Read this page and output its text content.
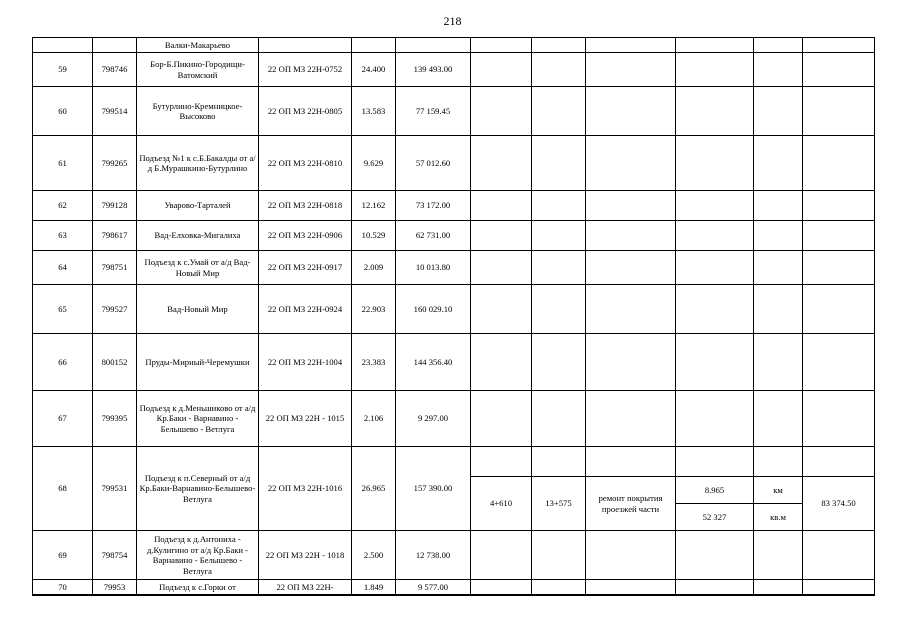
218
		Валки-Макарьево									
59	798746	Бор-Б.Пикино-Городищи-Ватомский	22 ОП МЗ 22Н-0752	24.400	139 493.00						
60	799514	Бутурлино-Кремницкое-Высоково	22 ОП МЗ 22Н-0805	13.583	77 159.45						
61	799265	Подъезд №1 к с.Б.Бакалды от а/д Б.Мурашкино-Бутурлино	22 ОП МЗ 22Н-0810	9.629	57 012.60						
62	799128	Уварово-Тарталей	22 ОП МЗ 22Н-0818	12.162	73 172.00						
63	798617	Вад-Елховка-Мигалиха	22 ОП МЗ 22Н-0906	10.529	62 731.00						
64	798751	Подъезд к с.Умай от а/д Вад-Новый Мир	22 ОП МЗ 22Н-0917	2.009	10 013.80						
65	799527	Вад-Новый Мир	22 ОП МЗ 22Н-0924	22.903	160 029.10						
66	800152	Пруды-Мирный-Черемушки	22 ОП МЗ 22Н-1004	23.383	144 356.40						
67	799395	Подъезд к д.Меньшиково от а/д Кр.Баки - Варнавино - Белышево - Ветлуга	22 ОП МЗ 22Н - 1015	2.106	9 297.00						
68	799531	Подъезд к п.Северный от а/д Кр.Баки-Варнавино-Белышево-Ветлуга	22 ОП МЗ 22Н-1016	26.965	157 390.00						
						4+610	13+575	ремонт покрытия проезжей части	8.965	км	83 374.50
									52 327	кв.м	
69	798754	Подъезд к д.Антониха - д.Кулигино от а/д Кр.Баки - Варнавино - Белышево - Ветлуга	22 ОП МЗ 22Н - 1018	2.500	12 738.00						
70	79953	Подъезд к с.Горки от	22 ОП МЗ 22Н-	1.849	9 577.00						
